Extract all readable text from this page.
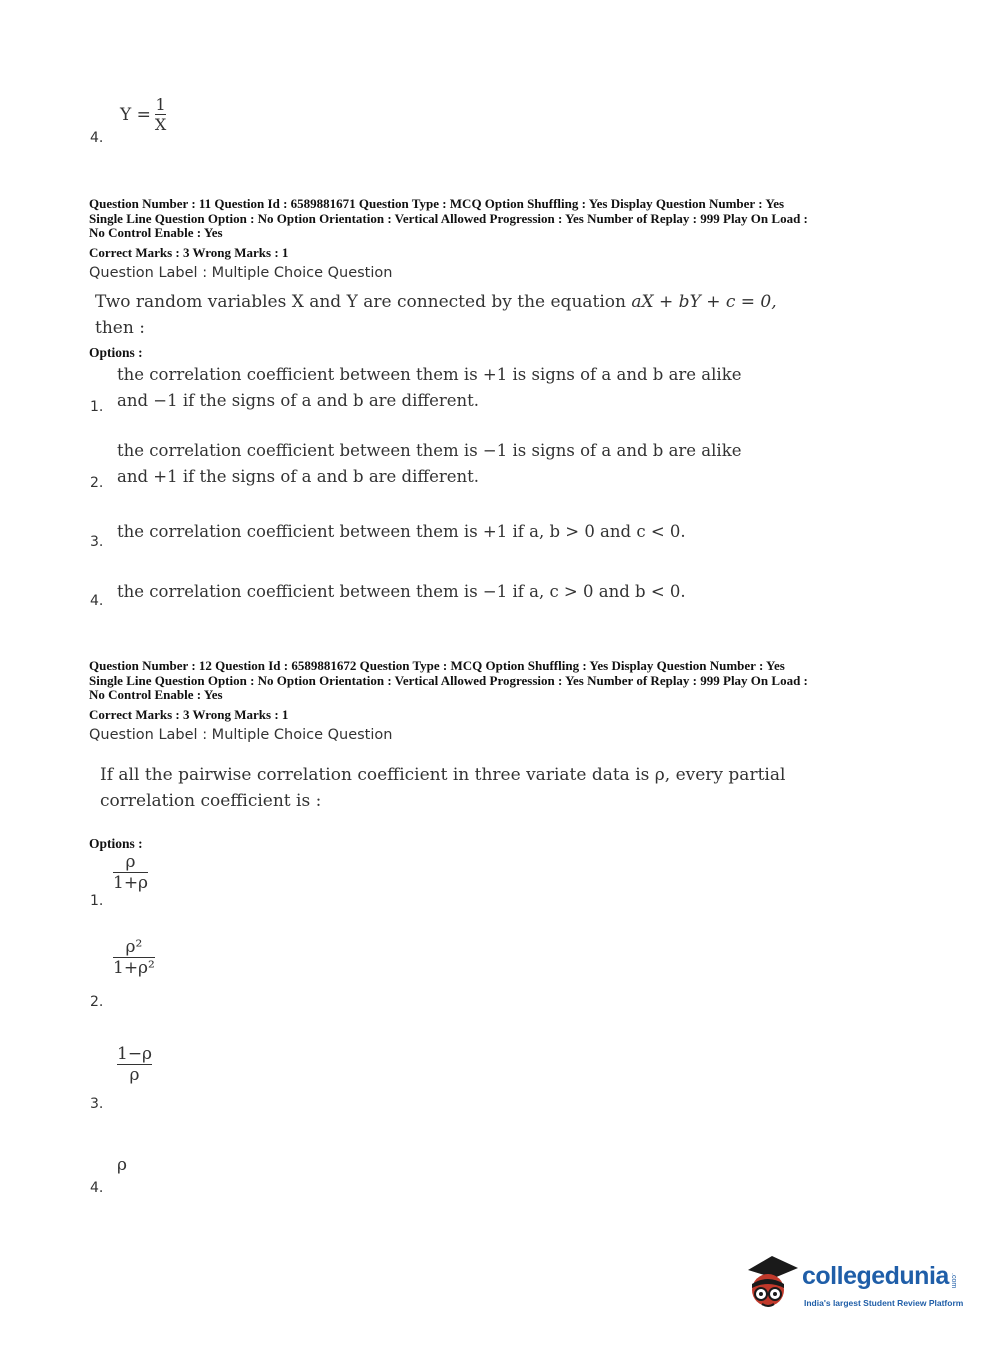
4.
$Y = \frac{1}{X}$
Question Number : 11 Question Id : 6589881671 Question Type : MCQ Option Shuffling : Yes Display Question Number : Yes
Single Line Question Option : No Option Orientation : Vertical Allowed Progression : Yes Number of Replay : 999 Play On Load :
No Control Enable : Yes
Correct Marks : 3 Wrong Marks : 1
Question Label : Multiple Choice Question
Two random variables X and Y are connected by the equation aX + bY + c = 0,
then :
Options :
1.
the correlation coefficient between them is +1 is signs of a and b are alike
and −1 if the signs of a and b are different.
2.
the correlation coefficient between them is −1 is signs of a and b are alike
and +1 if the signs of a and b are different.
3.
the correlation coefficient between them is +1 if a, b > 0 and c < 0.
4. the correlation coefficient between them is −1 if a, c > 0 and b < 0.
Question Number : 12 Question Id : 6589881672 Question Type : MCQ Option Shuffling : Yes Display Question Number : Yes
Single Line Question Option : No Option Orientation : Vertical Allowed Progression : Yes Number of Replay : 999 Play On Load :
No Control Enable : Yes
Correct Marks : 3 Wrong Marks : 1
Question Label : Multiple Choice Question
If all the pairwise correlation coefficient in three variate data is ρ, every partial
correlation coefficient is :
Options :
1.
ρ
1+ρ
2.
ρ²
1+ρ²
3.
1−ρ
ρ
4.
ρ
collegedunia .com
India's largest Student Review Platform
